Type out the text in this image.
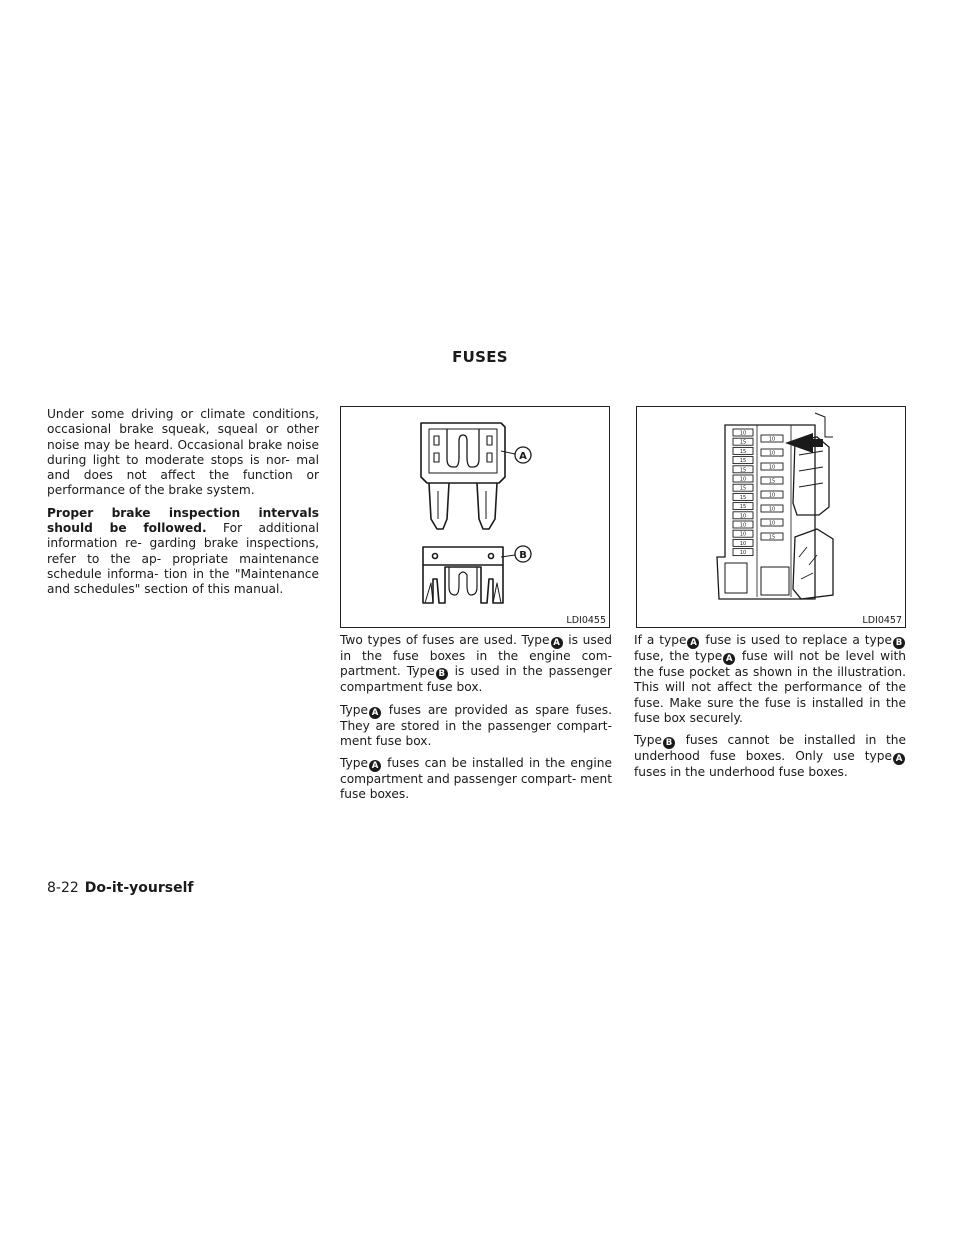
FUSES

Under some driving or climate conditions, occasional brake squeak, squeal or other noise may be heard. Occasional brake noise during light to moderate stops is nor- mal and does not affect the function or performance of the brake system.

Proper brake inspection intervals should be followed. For additional information re- garding brake inspections, refer to the ap- propriate maintenance schedule informa- tion in the "Maintenance and schedules" section of this manual.

A
B
LDI0455
10
15
15
15
15
10
15
15
15
10
10
10
10
10
10
10
10
15
10
10
10
15
LDI0457

Two types of fuses are used. Type A is used in the fuse boxes in the engine com- partment. Type B is used in the passenger compartment fuse box.

Type A fuses are provided as spare fuses. They are stored in the passenger compart- ment fuse box.

Type A fuses can be installed in the engine compartment and passenger compart- ment fuse boxes.

If a type A fuse is used to replace a type B fuse, the type A fuse will not be level with the fuse pocket as shown in the illustration. This will not affect the performance of the fuse. Make sure the fuse is installed in the fuse box securely.

Type B fuses cannot be installed in the underhood fuse boxes. Only use type A fuses in the underhood fuse boxes.

8-22 Do-it-yourself
